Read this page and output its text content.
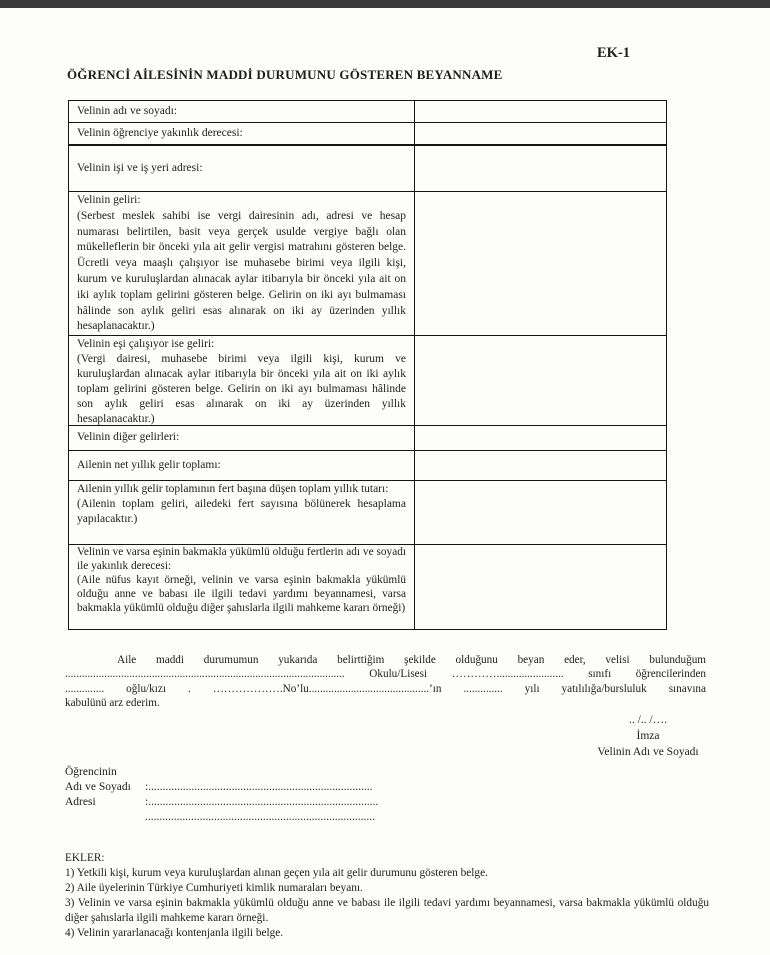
EK-1
ÖĞRENCİ AİLESİNİN MADDİ DURUMUNU GÖSTEREN BEYANNAME
Velinin adı ve soyadı:
Velinin öğrenciye yakınlık derecesi:
Velinin işi ve iş yeri adresi:
Velinin geliri:
(Serbest meslek sahibi ise vergi dairesinin adı, adresi ve hesap numarası belirtilen, basit veya gerçek usulde vergiye bağlı olan mükelleflerin bir önceki yıla ait gelir vergisi matrahını gösteren belge. Ücretli veya maaşlı çalışıyor ise muhasebe birimi veya ilgili kişi, kurum ve kuruluşlardan alınacak aylar itibarıyla bir önceki yıla ait on iki aylık toplam gelirini gösteren belge. Gelirin on iki ayı bulmaması hâlinde son aylık geliri esas alınarak on iki ay üzerinden yıllık hesaplanacaktır.)
Velinin eşi çalışıyor ise geliri:
(Vergi dairesi, muhasebe birimi veya ilgili kişi, kurum ve kuruluşlardan alınacak aylar itibarıyla bir önceki yıla ait on iki aylık toplam gelirini gösteren belge. Gelirin on iki ayı bulmaması hâlinde son aylık geliri esas alınarak on iki ay üzerinden yıllık hesaplanacaktır.)
Velinin diğer gelirleri:
Ailenin net yıllık gelir toplamı:
Ailenin yıllık gelir toplamının fert başına düşen toplam yıllık tutarı:
(Ailenin toplam geliri, ailedeki fert sayısına bölünerek hesaplama yapılacaktır.)
Velinin ve varsa eşinin bakmakla yükümlü olduğu fertlerin adı ve soyadı ile yakınlık derecesi:
(Aile nüfus kayıt örneği, velinin ve varsa eşinin bakmakla yükümlü olduğu anne ve babası ile ilgili tedavi yardımı beyannamesi, varsa bakmakla yükümlü olduğu diğer şahıslarla ilgili mahkeme kararı örneği)
Aile maddi durumumun yukarıda belirttiğim şekilde olduğunu beyan eder, velisi bulunduğum
.................................................................................................... Okulu/Lisesi …………........................ sınıfı öğrencilerinden
.............. oğlu/kızı . ……………….No’lu...........................................’ın .............. yılı yatılılığa/bursluluk sınavına
kabulünü arz ederim.
.. /.. /….
İmza
Velinin Adı ve Soyadı
Öğrencinin
Adı ve Soyadı	:..............................................................................
Adresi	:................................................................................
................................................................................
EKLER:
1) Yetkili kişi, kurum veya kuruluşlardan alınan geçen yıla ait gelir durumunu gösteren belge.
2) Aile üyelerinin Türkiye Cumhuriyeti kimlik numaraları beyanı.
3) Velinin ve varsa eşinin bakmakla yükümlü olduğu anne ve babası ile ilgili tedavi yardımı beyannamesi, varsa bakmakla yükümlü olduğu diğer şahıslarla ilgili mahkeme kararı örneği.
4) Velinin yararlanacağı kontenjanla ilgili belge.
